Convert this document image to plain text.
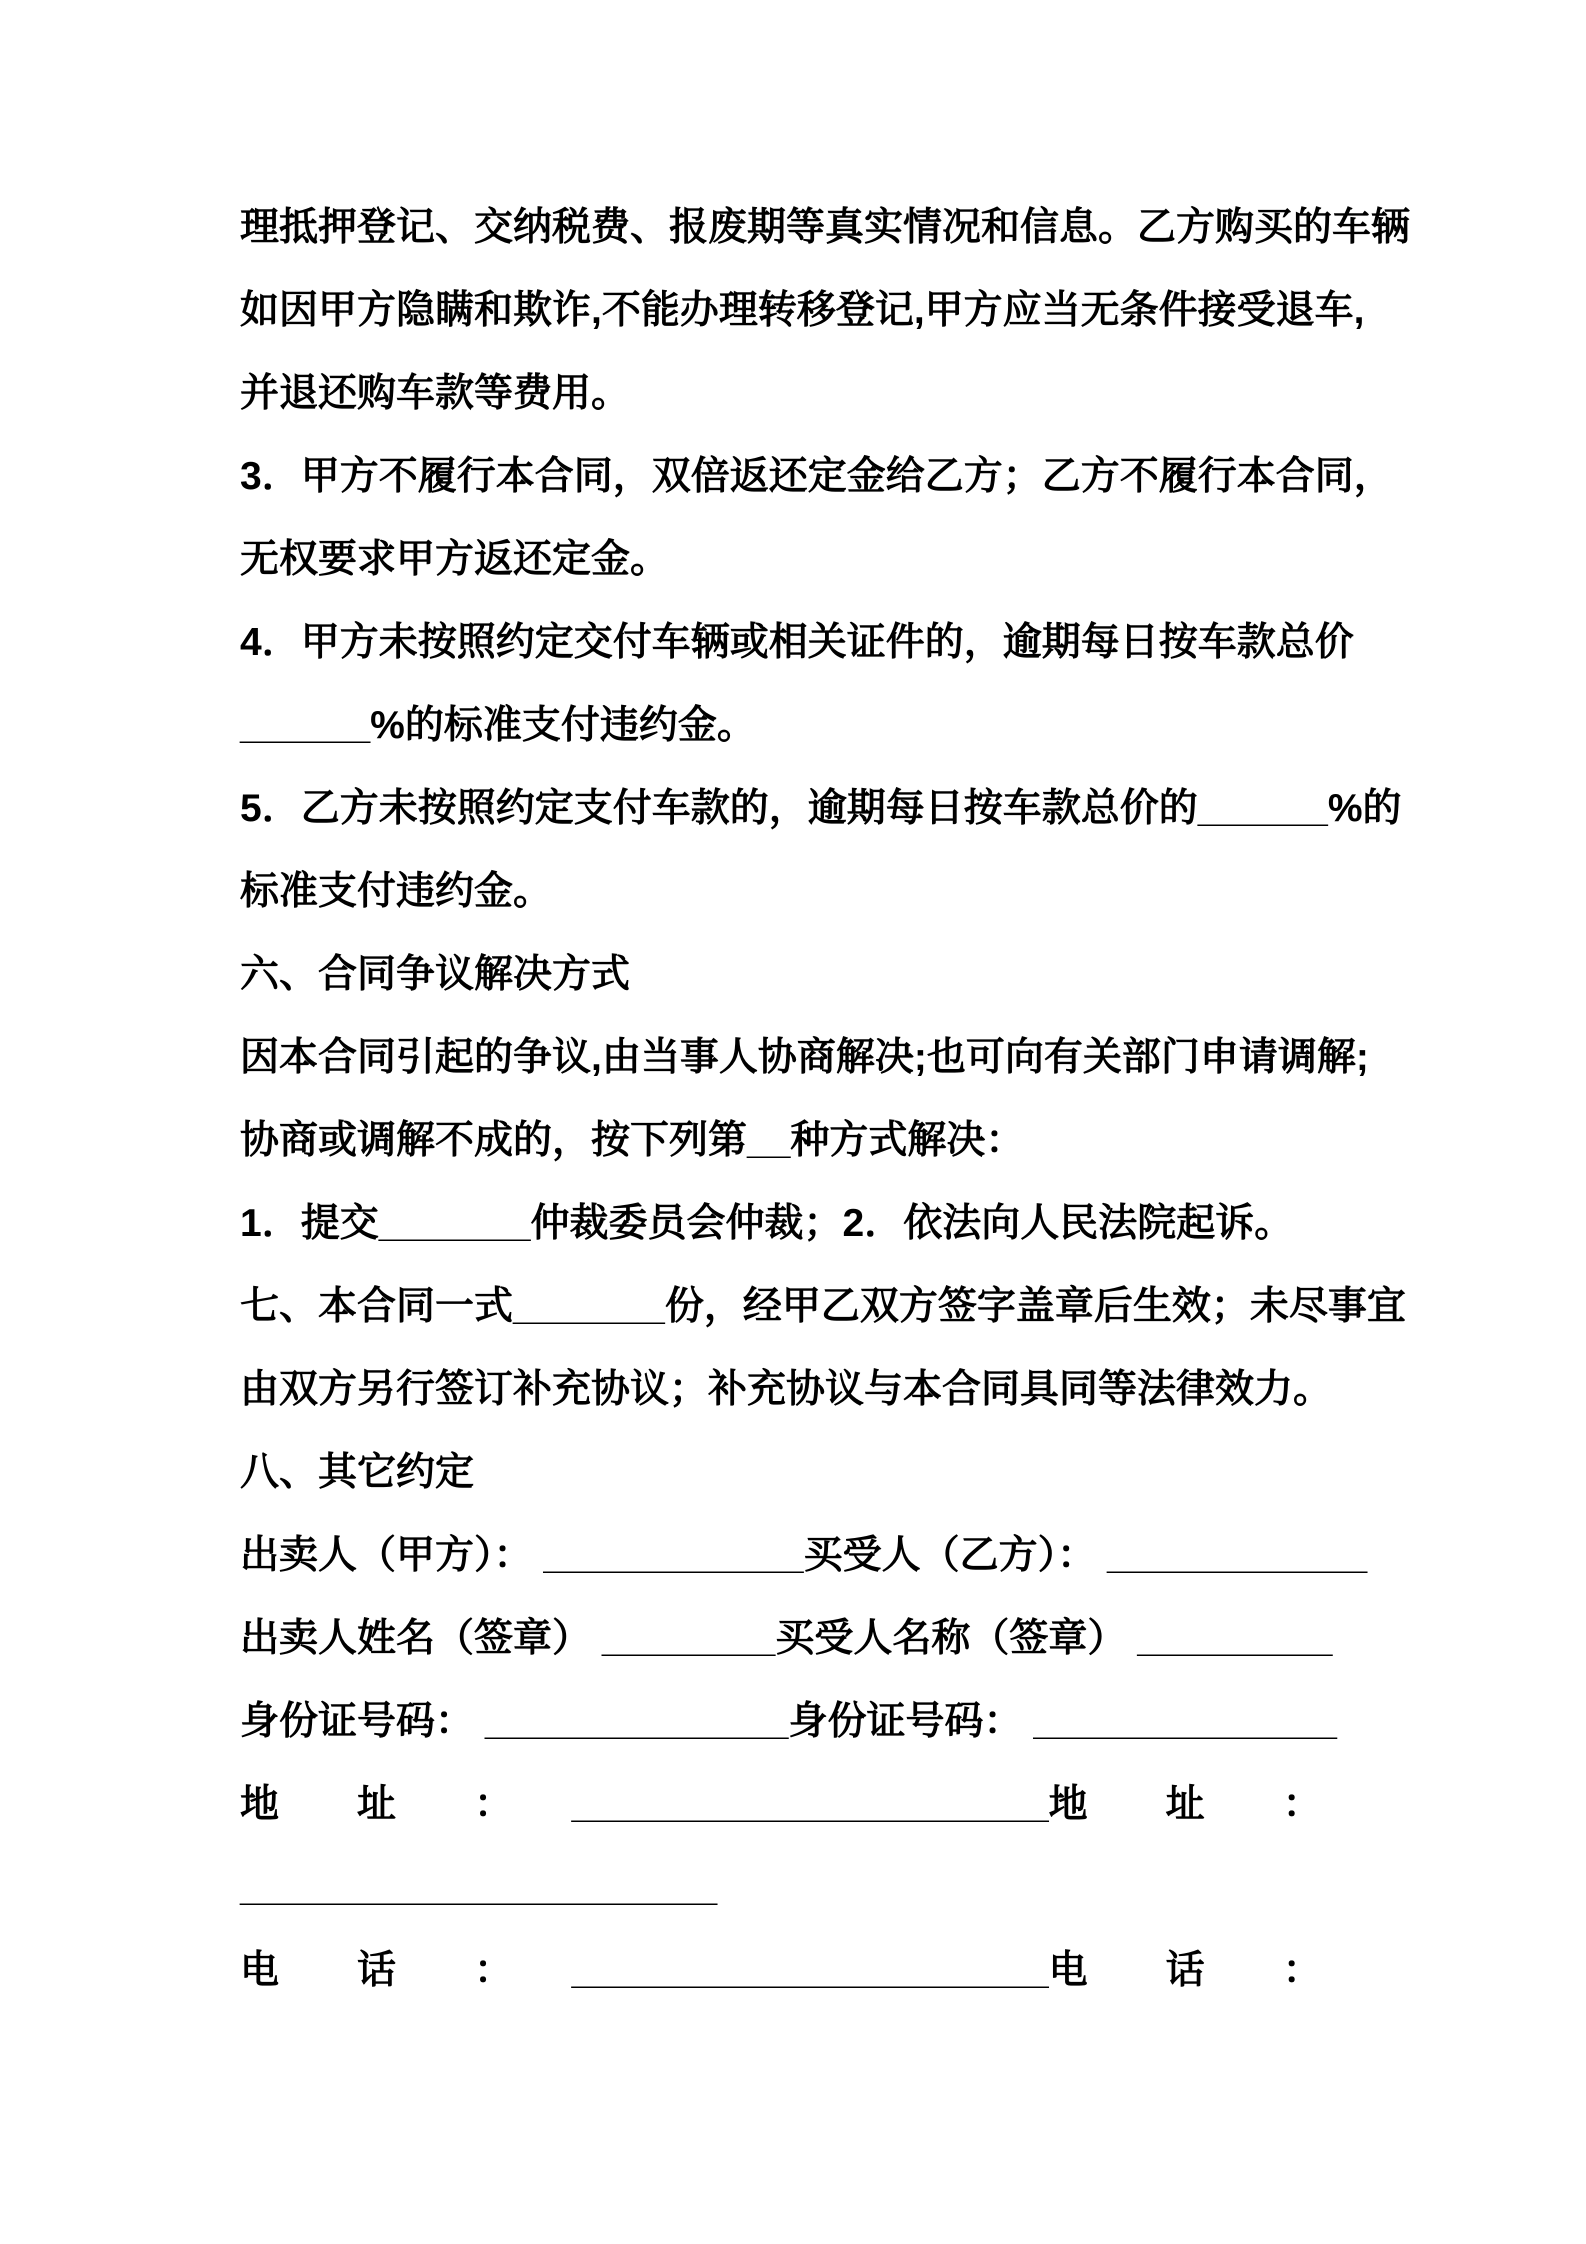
理抵押登记、交纳税费、报废期等真实情况和信息。乙方购买的车辆
如因甲方隐瞒和欺诈,不能办理转移登记,甲方应当无条件接受退车,
并退还购车款等费用。
3．甲方不履行本合同，双倍返还定金给乙方；乙方不履行本合同，
无权要求甲方返还定金。
4．甲方未按照约定交付车辆或相关证件的，逾期每日按车款总价
______%的标准支付违约金。
5．乙方未按照约定支付车款的，逾期每日按车款总价的______%的
标准支付违约金。
六、合同争议解决方式
因本合同引起的争议,由当事人协商解决;也可向有关部门申请调解;
协商或调解不成的，按下列第__种方式解决：
1．提交_______仲裁委员会仲裁；2．依法向人民法院起诉。
七、本合同一式_______份，经甲乙双方签字盖章后生效；未尽事宜
由双方另行签订补充协议；补充协议与本合同具同等法律效力。
八、其它约定
出卖人（甲方）： ____________买受人（乙方）： ____________
出卖人姓名（签章） ________买受人名称（签章） _________
身份证号码： ______________身份证号码： ______________
地　　址　　：　　______________________地　　址　　：
______________________
电　　话　　：　　______________________电　　话　　：
